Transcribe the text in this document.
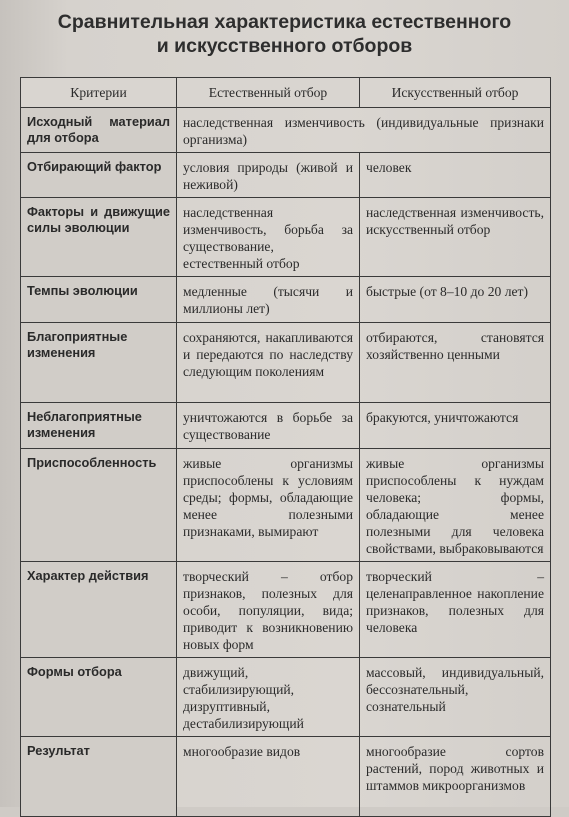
Сравнительная характеристика естественного
и искусственного отборов
Критерии	Естественный отбор	Искусственный отбор
Исходный материал для отбора	наследственная изменчивость (индивидуальные признаки организма)	
Отбирающий фактор	условия природы (живой и неживой)	человек
Факторы и движущие силы эволюции	наследственная изменчивость, борьба за существование, естественный отбор	наследственная изменчивость, искусственный отбор
Темпы эволюции	медленные (тысячи и миллионы лет)	быстрые (от 8–10 до 20 лет)
Благоприятные изменения	сохраняются, накапливаются и передаются по наследству следующим поколениям	отбираются, становятся хозяйственно ценными
Неблагоприятные изменения	уничтожаются в борьбе за существование	бракуются, уничтожаются
Приспособленность	живые организмы приспособлены к условиям среды; формы, обладающие менее полезными признаками, вымирают	живые организмы приспособлены к нуждам человека; формы, обладающие менее полезными для человека свойствами, выбраковываются
Характер действия	творческий – отбор признаков, полезных для особи, популяции, вида; приводит к возникновению новых форм	творческий – целенаправленное накопление признаков, полезных для человека
Формы отбора	движущий, стабилизирующий, дизруптивный, дестабилизирующий	массовый, индивидуальный, бессознательный, сознательный
Результат	многообразие видов	многообразие сортов растений, пород животных и штаммов микроорганизмов
